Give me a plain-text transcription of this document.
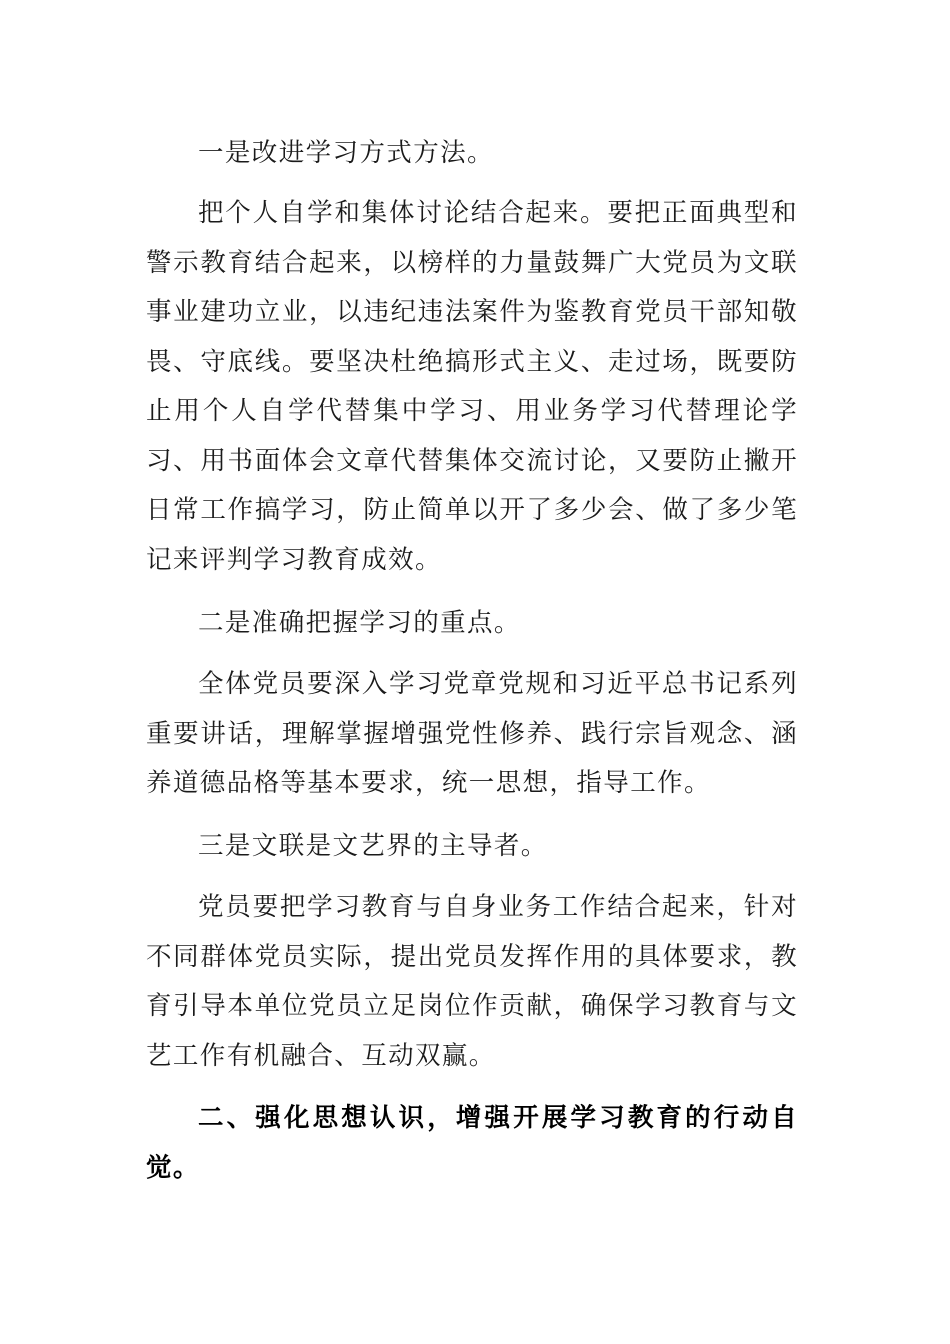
一是改进学习方式方法。

把个人自学和集体讨论结合起来。要把正面典型和警示教育结合起来，以榜样的力量鼓舞广大党员为文联事业建功立业，以违纪违法案件为鉴教育党员干部知敬畏、守底线。要坚决杜绝搞形式主义、走过场，既要防止用个人自学代替集中学习、用业务学习代替理论学习、用书面体会文章代替集体交流讨论，又要防止撇开日常工作搞学习，防止简单以开了多少会、做了多少笔记来评判学习教育成效。

二是准确把握学习的重点。

全体党员要深入学习党章党规和习近平总书记系列重要讲话，理解掌握增强党性修养、践行宗旨观念、涵养道德品格等基本要求，统一思想，指导工作。

三是文联是文艺界的主导者。

党员要把学习教育与自身业务工作结合起来，针对不同群体党员实际，提出党员发挥作用的具体要求，教育引导本单位党员立足岗位作贡献，确保学习教育与文艺工作有机融合、互动双赢。

二、强化思想认识，增强开展学习教育的行动自觉。
